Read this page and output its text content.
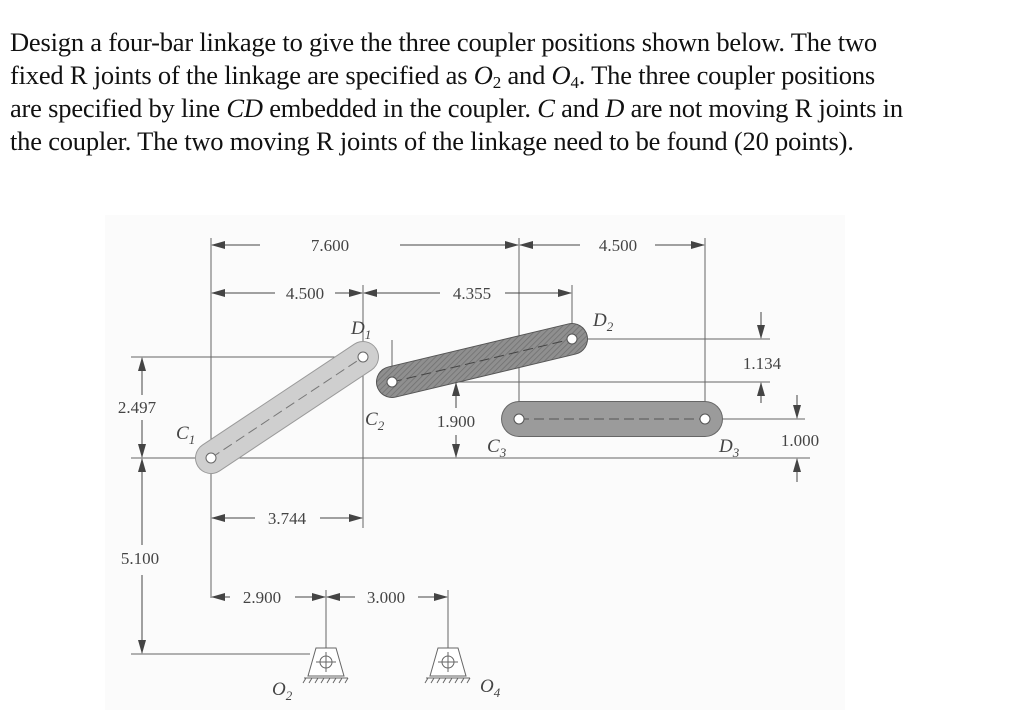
Design a four-bar linkage to give the three coupler positions shown below. The two
fixed R joints of the linkage are specified as $O_2$ and $O_4$. The three coupler positions
are specified by line CD embedded in the coupler. C and D are not moving R joints in
the coupler. The two moving R joints of the linkage need to be found (20 points).
7.600	4.500
4.500	4.355
2.497
5.100
3.744
1.900
1.134
1.000
2.900	3.000
$C_1$
$C_2$
$C_3$
$D_1$
$D_2$
$D_3$
$O_2$	$O_4$
